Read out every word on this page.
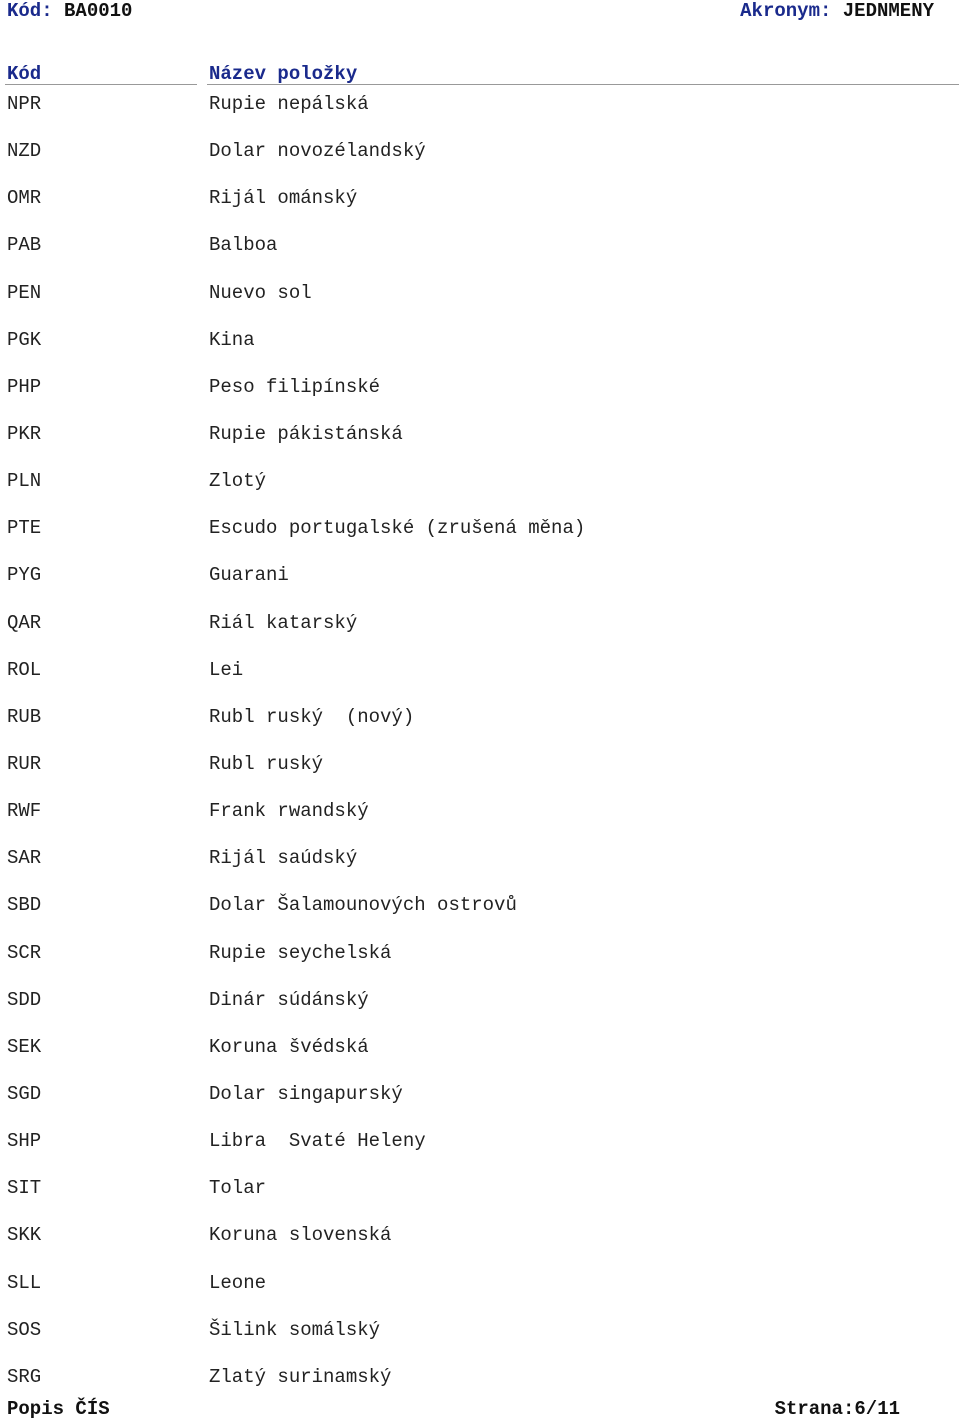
Kód: BA0010	Akronym: JEDNMENY
Kód	Název položky
NPR	Rupie nepálská
NZD	Dolar novozélandský
OMR	Rijál ománský
PAB	Balboa
PEN	Nuevo sol
PGK	Kina
PHP	Peso filipínské
PKR	Rupie pákistánská
PLN	Zlotý
PTE	Escudo portugalské (zrušená měna)
PYG	Guarani
QAR	Riál katarský
ROL	Lei
RUB	Rubl ruský  (nový)
RUR	Rubl ruský
RWF	Frank rwandský
SAR	Rijál saúdský
SBD	Dolar Šalamounových ostrovů
SCR	Rupie seychelská
SDD	Dinár súdánský
SEK	Koruna švédská
SGD	Dolar singapurský
SHP	Libra  Svaté Heleny
SIT	Tolar
SKK	Koruna slovenská
SLL	Leone
SOS	Šilink somálský
SRG	Zlatý surinamský
Popis ČÍS	Strana:6/11
